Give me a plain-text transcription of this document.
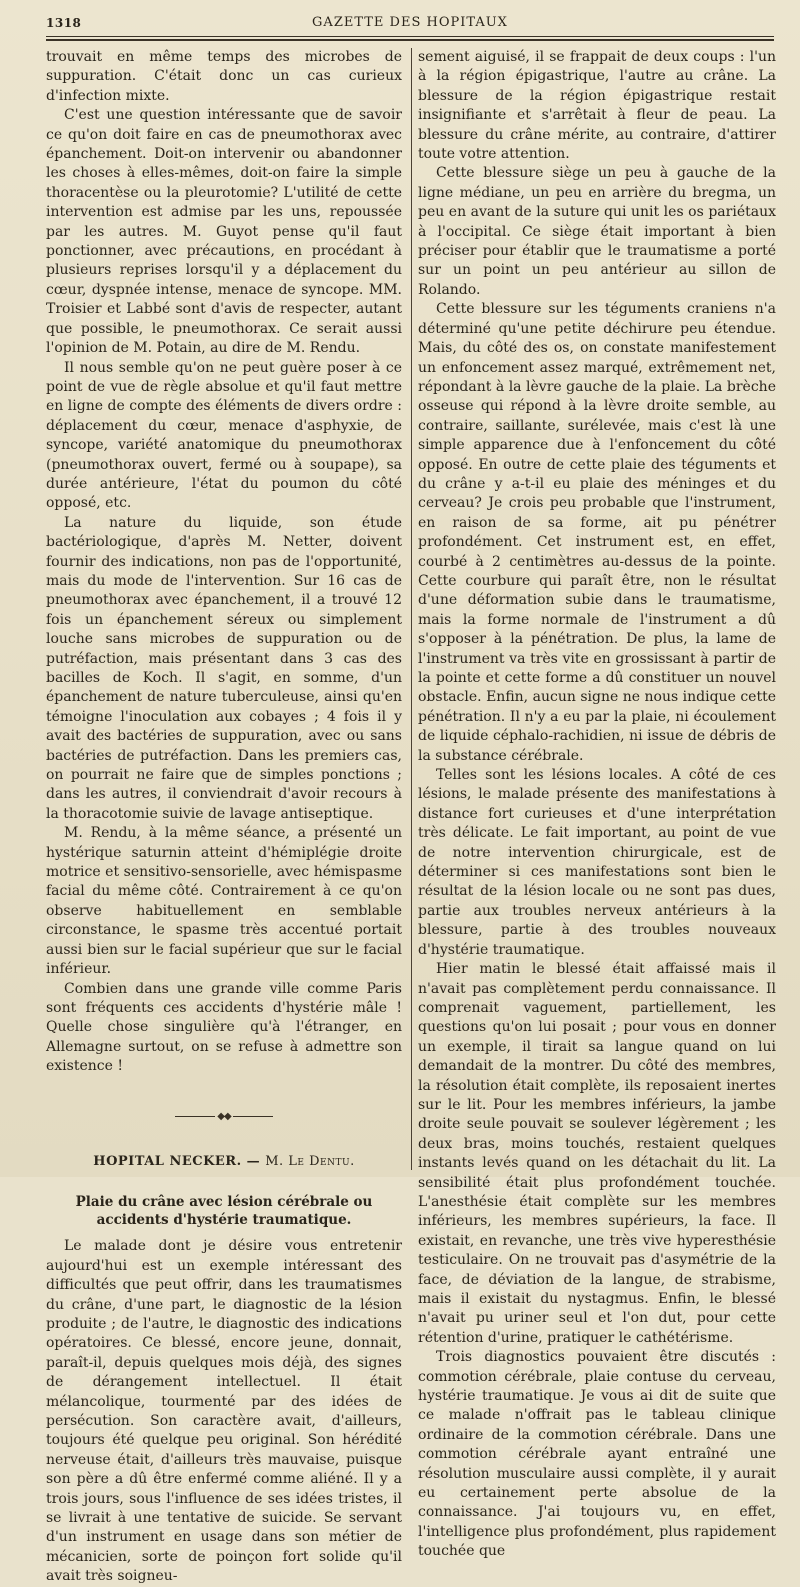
1318	GAZETTE DES HOPITAUX

trouvait en même temps des microbes de suppuration. C'était donc un cas curieux d'infection mixte.

C'est une question intéressante que de savoir ce qu'on doit faire en cas de pneumothorax avec épanchement. Doit-on intervenir ou abandonner les choses à elles-mêmes, doit-on faire la simple thoracentèse ou la pleurotomie? L'utilité de cette intervention est admise par les uns, repoussée par les autres. M. Guyot pense qu'il faut ponctionner, avec précautions, en procédant à plusieurs reprises lorsqu'il y a déplacement du cœur, dyspnée intense, menace de syncope. MM. Troisier et Labbé sont d'avis de respecter, autant que possible, le pneumothorax. Ce serait aussi l'opinion de M. Potain, au dire de M. Rendu.

Il nous semble qu'on ne peut guère poser à ce point de vue de règle absolue et qu'il faut mettre en ligne de compte des éléments de divers ordre : déplacement du cœur, menace d'asphyxie, de syncope, variété anatomique du pneumothorax (pneumothorax ouvert, fermé ou à soupape), sa durée antérieure, l'état du poumon du côté opposé, etc.

La nature du liquide, son étude bactériologique, d'après M. Netter, doivent fournir des indications, non pas de l'opportunité, mais du mode de l'intervention. Sur 16 cas de pneumothorax avec épanchement, il a trouvé 12 fois un épanchement séreux ou simplement louche sans microbes de suppuration ou de putréfaction, mais présentant dans 3 cas des bacilles de Koch. Il s'agit, en somme, d'un épanchement de nature tuberculeuse, ainsi qu'en témoigne l'inoculation aux cobayes ; 4 fois il y avait des bactéries de suppuration, avec ou sans bactéries de putréfaction. Dans les premiers cas, on pourrait ne faire que de simples ponctions ; dans les autres, il conviendrait d'avoir recours à la thoracotomie suivie de lavage antiseptique.

M. Rendu, à la même séance, a présenté un hystérique saturnin atteint d'hémiplégie droite motrice et sensitivo-sensorielle, avec hémispasme facial du même côté. Contrairement à ce qu'on observe habituellement en semblable circonstance, le spasme très accentué portait aussi bien sur le facial supérieur que sur le facial inférieur.

Combien dans une grande ville comme Paris sont fréquents ces accidents d'hystérie mâle ! Quelle chose singulière qu'à l'étranger, en Allemagne surtout, on se refuse à admettre son existence !

◆◆
HOPITAL NECKER. — M. Le Dentu.
Plaie du crâne avec lésion cérébrale ou accidents d'hystérie traumatique.

Le malade dont je désire vous entretenir aujourd'hui est un exemple intéressant des difficultés que peut offrir, dans les traumatismes du crâne, d'une part, le diagnostic de la lésion produite ; de l'autre, le diagnostic des indications opératoires. Ce blessé, encore jeune, donnait, paraît-il, depuis quelques mois déjà, des signes de dérangement intellectuel. Il était mélancolique, tourmenté par des idées de persécution. Son caractère avait, d'ailleurs, toujours été quelque peu original. Son hérédité nerveuse était, d'ailleurs très mauvaise, puisque son père a dû être enfermé comme aliéné. Il y a trois jours, sous l'influence de ses idées tristes, il se livrait à une tentative de suicide. Se servant d'un instrument en usage dans son métier de mécanicien, sorte de poinçon fort solide qu'il avait très soigneu-

sement aiguisé, il se frappait de deux coups : l'un à la région épigastrique, l'autre au crâne. La blessure de la région épigastrique restait insignifiante et s'arrêtait à fleur de peau. La blessure du crâne mérite, au contraire, d'attirer toute votre attention.

Cette blessure siège un peu à gauche de la ligne médiane, un peu en arrière du bregma, un peu en avant de la suture qui unit les os pariétaux à l'occipital. Ce siège était important à bien préciser pour établir que le traumatisme a porté sur un point un peu antérieur au sillon de Rolando.

Cette blessure sur les téguments craniens n'a déterminé qu'une petite déchirure peu étendue. Mais, du côté des os, on constate manifestement un enfoncement assez marqué, extrêmement net, répondant à la lèvre gauche de la plaie. La brèche osseuse qui répond à la lèvre droite semble, au contraire, saillante, surélevée, mais c'est là une simple apparence due à l'enfoncement du côté opposé. En outre de cette plaie des téguments et du crâne y a-t-il eu plaie des méninges et du cerveau? Je crois peu probable que l'instrument, en raison de sa forme, ait pu pénétrer profondément. Cet instrument est, en effet, courbé à 2 centimètres au-dessus de la pointe. Cette courbure qui paraît être, non le résultat d'une déformation subie dans le traumatisme, mais la forme normale de l'instrument a dû s'opposer à la pénétration. De plus, la lame de l'instrument va très vite en grossissant à partir de la pointe et cette forme a dû constituer un nouvel obstacle. Enfin, aucun signe ne nous indique cette pénétration. Il n'y a eu par la plaie, ni écoulement de liquide céphalo-rachidien, ni issue de débris de la substance cérébrale.

Telles sont les lésions locales. A côté de ces lésions, le malade présente des manifestations à distance fort curieuses et d'une interprétation très délicate. Le fait important, au point de vue de notre intervention chirurgicale, est de déterminer si ces manifestations sont bien le résultat de la lésion locale ou ne sont pas dues, partie aux troubles nerveux antérieurs à la blessure, partie à des troubles nouveaux d'hystérie traumatique.

Hier matin le blessé était affaissé mais il n'avait pas complètement perdu connaissance. Il comprenait vaguement, partiellement, les questions qu'on lui posait ; pour vous en donner un exemple, il tirait sa langue quand on lui demandait de la montrer. Du côté des membres, la résolution était complète, ils reposaient inertes sur le lit. Pour les membres inférieurs, la jambe droite seule pouvait se soulever légèrement ; les deux bras, moins touchés, restaient quelques instants levés quand on les détachait du lit. La sensibilité était plus profondément touchée. L'anesthésie était complète sur les membres inférieurs, les membres supérieurs, la face. Il existait, en revanche, une très vive hyperesthésie testiculaire. On ne trouvait pas d'asymétrie de la face, de déviation de la langue, de strabisme, mais il existait du nystagmus. Enfin, le blessé n'avait pu uriner seul et l'on dut, pour cette rétention d'urine, pratiquer le cathétérisme.

Trois diagnostics pouvaient être discutés : commotion cérébrale, plaie contuse du cerveau, hystérie traumatique. Je vous ai dit de suite que ce malade n'offrait pas le tableau clinique ordinaire de la commotion cérébrale. Dans une commotion cérébrale ayant entraîné une résolution musculaire aussi complète, il y aurait eu certainement perte absolue de la connaissance. J'ai toujours vu, en effet, l'intelligence plus profondément, plus rapidement touchée que
